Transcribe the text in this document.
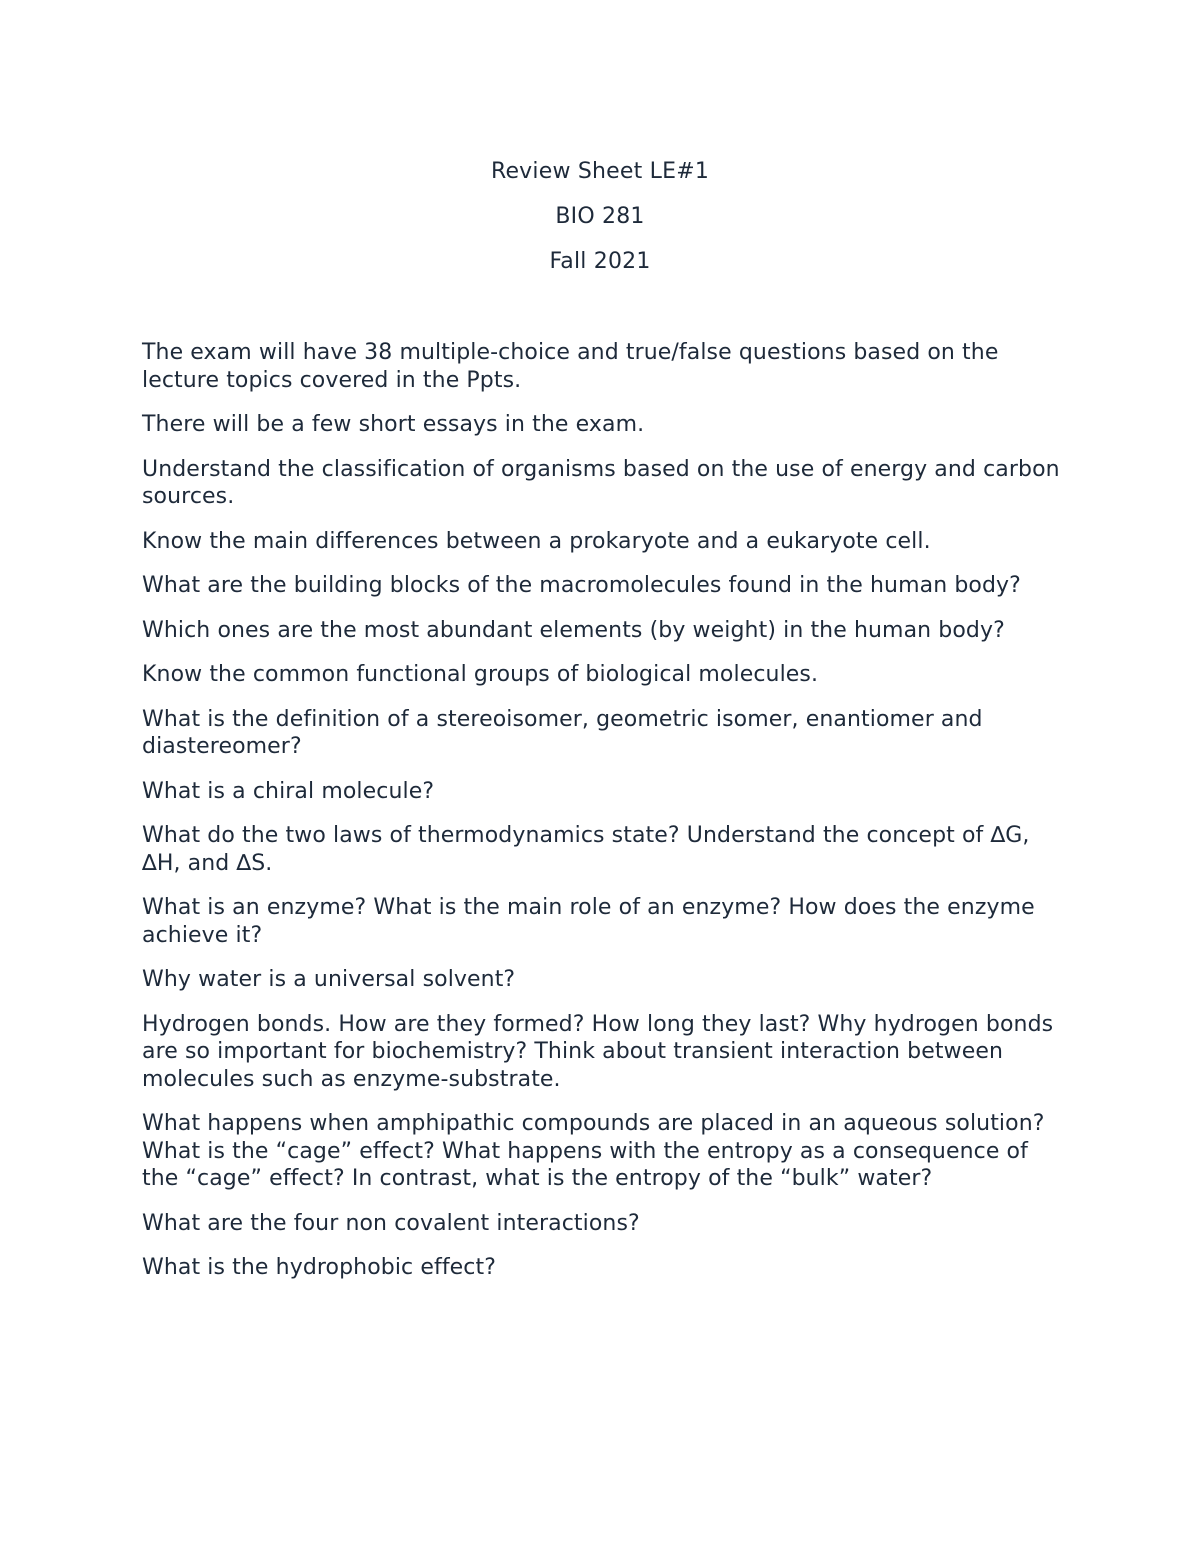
Review Sheet LE#1
BIO 281
Fall 2021

The exam will have 38 multiple-choice and true/false questions based on the lecture topics covered in the Ppts.

There will be a few short essays in the exam.

Understand the classification of organisms based on the use of energy and carbon sources.

Know the main differences between a prokaryote and a eukaryote cell.

What are the building blocks of the macromolecules found in the human body?

Which ones are the most abundant elements (by weight) in the human body?

Know the common functional groups of biological molecules.

What is the definition of a stereoisomer, geometric isomer, enantiomer and diastereomer?

What is a chiral molecule?

What do the two laws of thermodynamics state? Understand the concept of ∆G, ∆H, and ∆S.

What is an enzyme? What is the main role of an enzyme? How does the enzyme achieve it?

Why water is a universal solvent?

Hydrogen bonds. How are they formed? How long they last? Why hydrogen bonds are so important for biochemistry? Think about transient interaction between molecules such as enzyme-substrate.

What happens when amphipathic compounds are placed in an aqueous solution? What is the “cage” effect? What happens with the entropy as a consequence of the “cage” effect? In contrast, what is the entropy of the “bulk” water?

What are the four non covalent interactions?

What is the hydrophobic effect?
